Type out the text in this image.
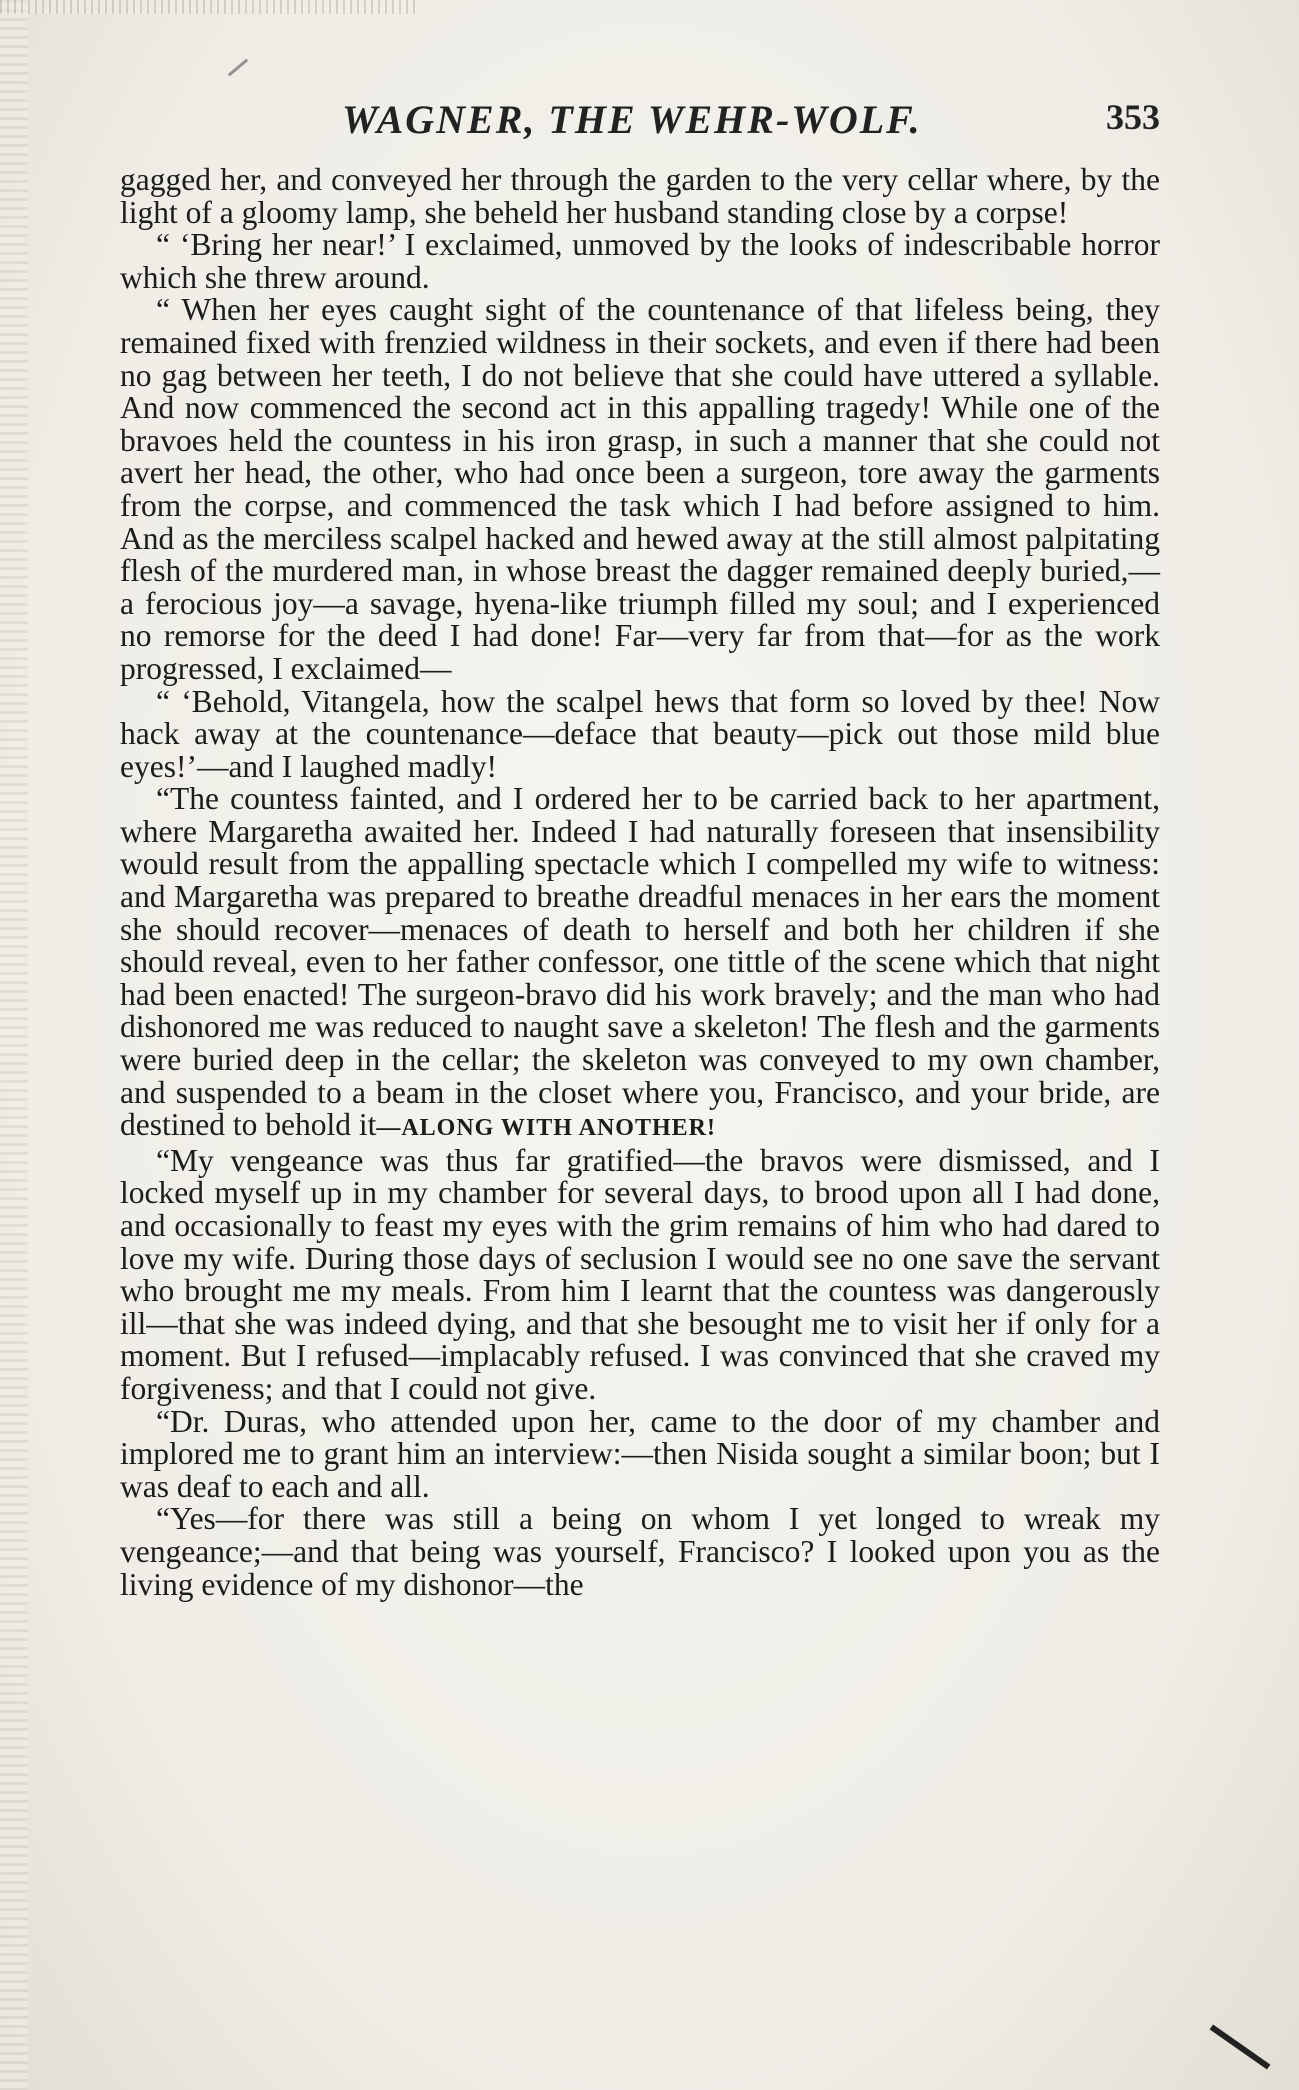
WAGNER, THE WEHR-WOLF.	353

gagged her, and conveyed her through the garden to the very cellar where, by the light of a gloomy lamp, she beheld her husband standing close by a corpse!

“ ‘Bring her near!’ I exclaimed, unmoved by the looks of indescribable horror which she threw around.

“ When her eyes caught sight of the countenance of that lifeless being, they remained fixed with frenzied wildness in their sockets, and even if there had been no gag between her teeth, I do not believe that she could have uttered a syllable. And now commenced the second act in this appalling tragedy! While one of the bravoes held the countess in his iron grasp, in such a manner that she could not avert her head, the other, who had once been a surgeon, tore away the garments from the corpse, and commenced the task which I had before assigned to him. And as the merciless scalpel hacked and hewed away at the still almost palpitating flesh of the murdered man, in whose breast the dagger remained deeply buried,—a ferocious joy—a savage, hyena-like triumph filled my soul; and I experienced no remorse for the deed I had done! Far—very far from that—for as the work progressed, I exclaimed—

“ ‘Behold, Vitangela, how the scalpel hews that form so loved by thee! Now hack away at the countenance—deface that beauty—pick out those mild blue eyes!’—and I laughed madly!

“The countess fainted, and I ordered her to be carried back to her apartment, where Margaretha awaited her. Indeed I had naturally foreseen that insensibility would result from the appalling spectacle which I compelled my wife to witness: and Margaretha was prepared to breathe dreadful menaces in her ears the moment she should recover—menaces of death to herself and both her children if she should reveal, even to her father confessor, one tittle of the scene which that night had been enacted! The surgeon-bravo did his work bravely; and the man who had dishonored me was reduced to naught save a skeleton! The flesh and the garments were buried deep in the cellar; the skeleton was conveyed to my own chamber, and suspended to a beam in the closet where you, Francisco, and your bride, are destined to behold it—ALONG WITH ANOTHER!

“My vengeance was thus far gratified—the bravos were dismissed, and I locked myself up in my chamber for several days, to brood upon all I had done, and occasionally to feast my eyes with the grim remains of him who had dared to love my wife. During those days of seclusion I would see no one save the servant who brought me my meals. From him I learnt that the countess was dangerously ill—that she was indeed dying, and that she besought me to visit her if only for a moment. But I refused—implacably refused. I was convinced that she craved my forgiveness; and that I could not give.

“Dr. Duras, who attended upon her, came to the door of my chamber and implored me to grant him an interview:—then Nisida sought a similar boon; but I was deaf to each and all.

“Yes—for there was still a being on whom I yet longed to wreak my vengeance;—and that being was yourself, Francisco? I looked upon you as the living evidence of my dishonor—the
